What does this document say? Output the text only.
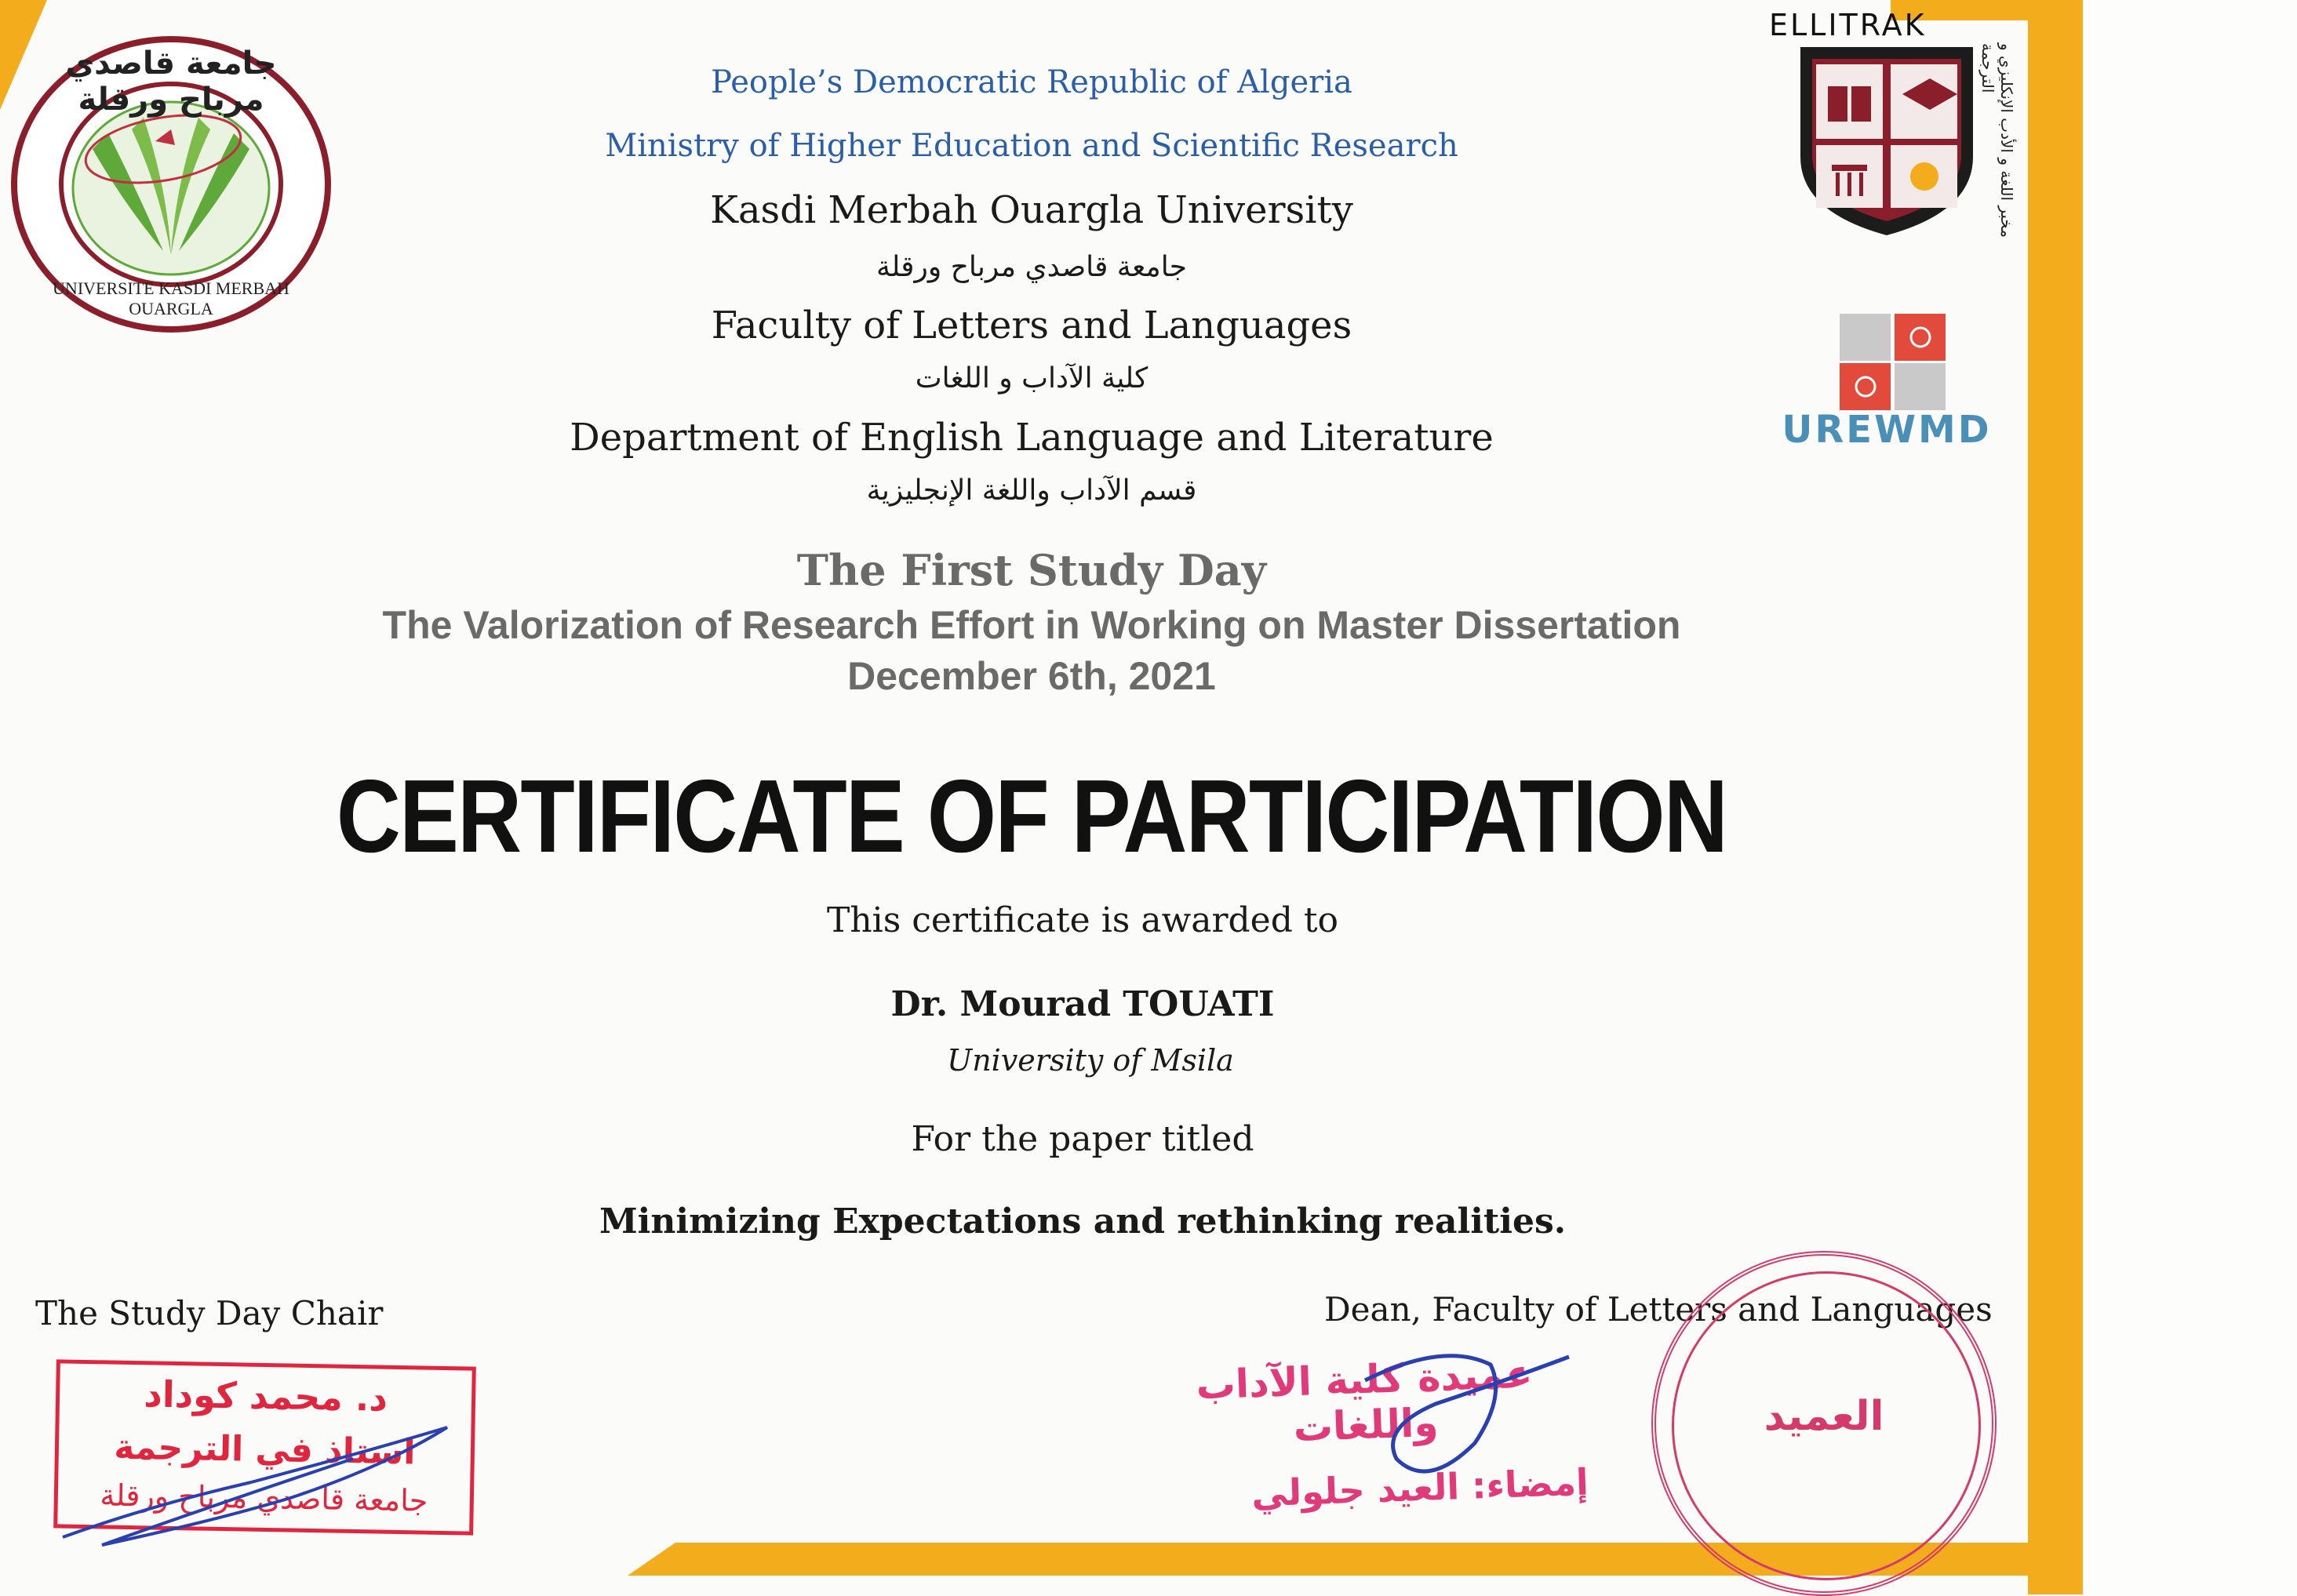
جامعة قاصدي مرباح ورقلة
UNIVERSITE KASDI MERBAH OUARGLA
ELLITRAK
مخبر اللغة و الأدب الإنكليزي و الترجمة
UREWMD
People’s Democratic Republic of Algeria
Ministry of Higher Education and Scientific Research
Kasdi Merbah Ouargla University
جامعة قاصدي مرباح ورقلة
Faculty of Letters and Languages
كلية الآداب و اللغات
Department of English Language and Literature
قسم الآداب واللغة الإنجليزية
The First Study Day
The Valorization of Research Effort in Working on Master Dissertation
December 6th, 2021
CERTIFICATE OF PARTICIPATION
This certificate is awarded to
Dr. Mourad TOUATI
University of Msila
For the paper titled
Minimizing Expectations and rethinking realities.
The Study Day Chair	Dean, Faculty of Letters and Languages
د. محمد كوداد
استاذ في الترجمة
جامعة قاصدي مرباح ورقلة
العميد
عميدة كلية الآداب واللغات
إمضاء: العيد جلولي
